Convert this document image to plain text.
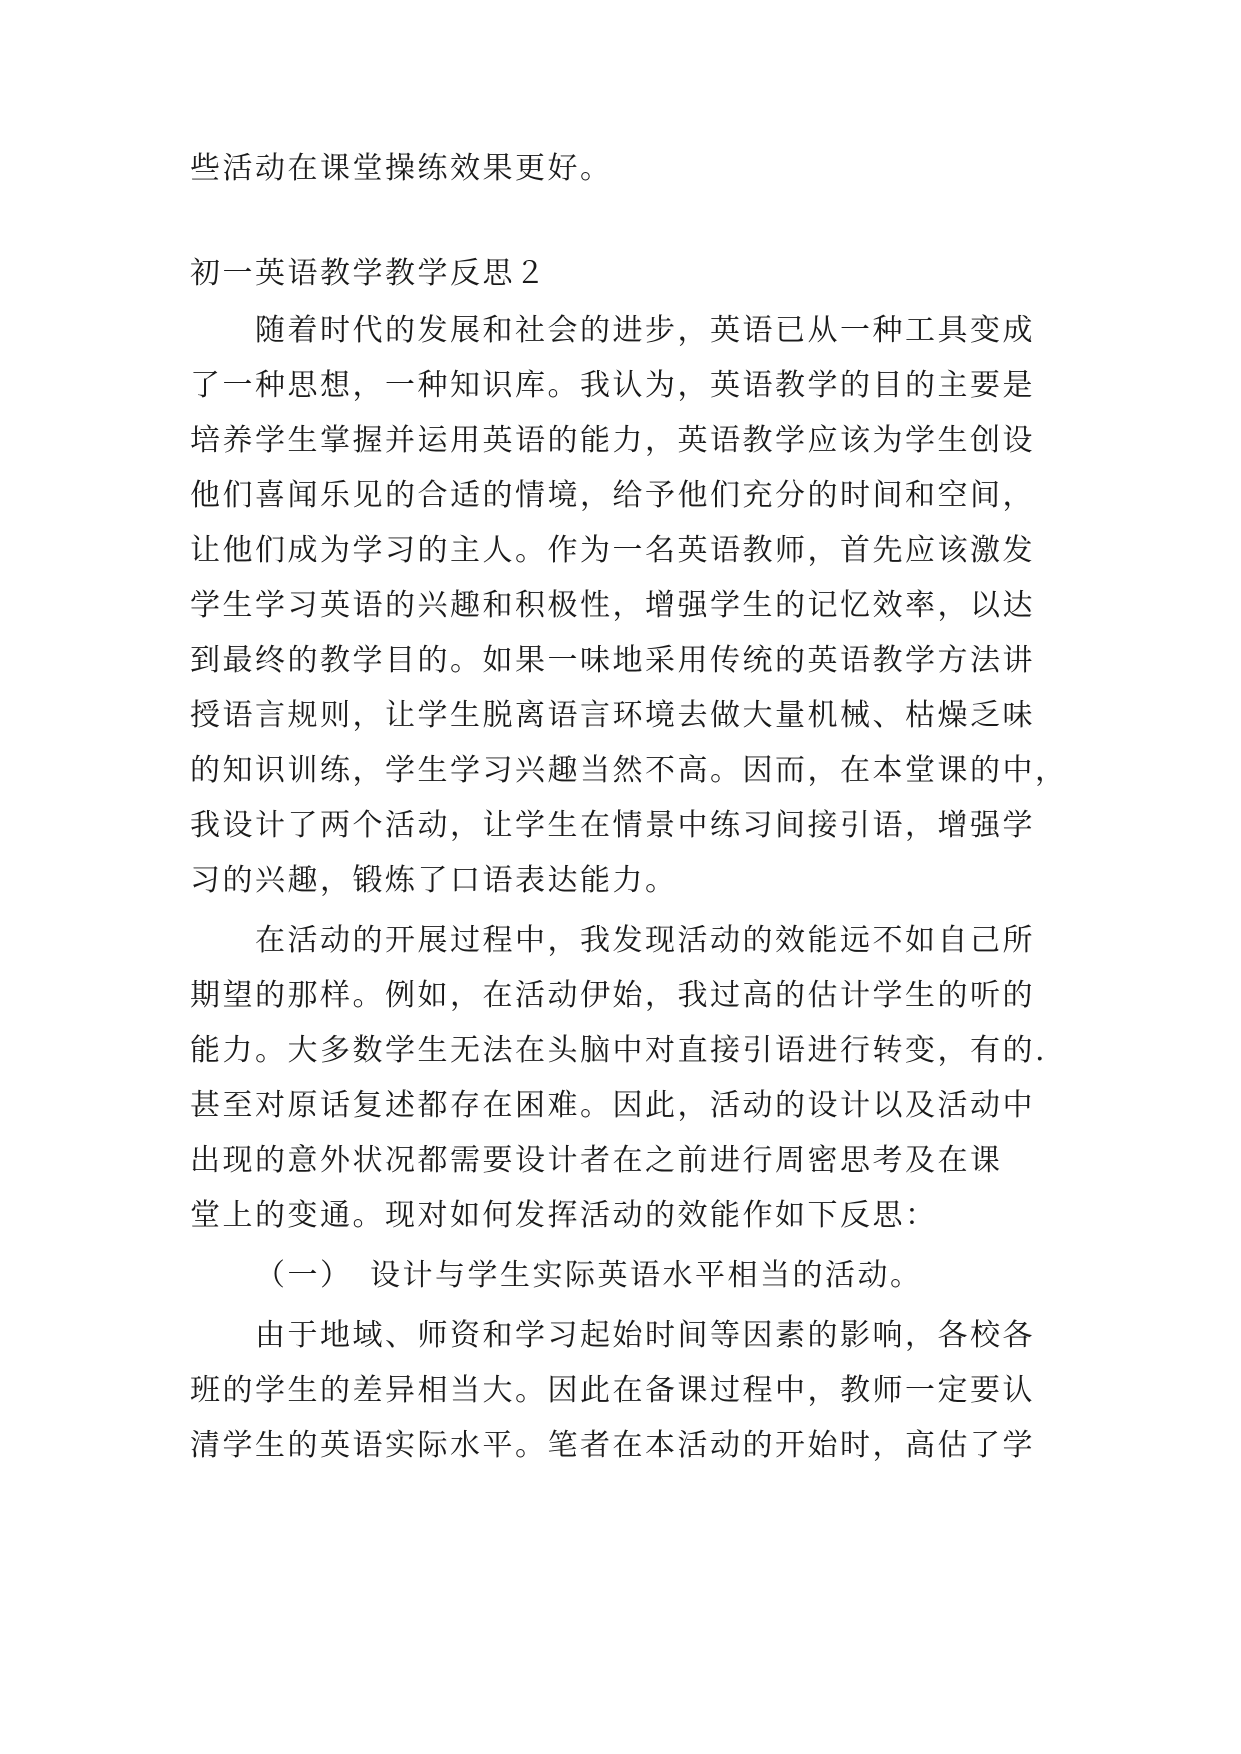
些活动在课堂操练效果更好。
初一英语教学教学反思２
随着时代的发展和社会的进步，英语已从一种工具变成
了一种思想，一种知识库。我认为，英语教学的目的主要是
培养学生掌握并运用英语的能力，英语教学应该为学生创设
他们喜闻乐见的合适的情境，给予他们充分的时间和空间，
让他们成为学习的主人。作为一名英语教师，首先应该激发
学生学习英语的兴趣和积极性，增强学生的记忆效率，以达
到最终的教学目的。如果一味地采用传统的英语教学方法讲
授语言规则，让学生脱离语言环境去做大量机械、枯燥乏味
的知识训练，学生学习兴趣当然不高。因而，在本堂课的中，
我设计了两个活动，让学生在情景中练习间接引语，增强学
习的兴趣，锻炼了口语表达能力。
在活动的开展过程中，我发现活动的效能远不如自己所
期望的那样。例如，在活动伊始，我过高的估计学生的听的
能力。大多数学生无法在头脑中对直接引语进行转变，有的.
甚至对原话复述都存在困难。因此，活动的设计以及活动中
出现的意外状况都需要设计者在之前进行周密思考及在课
堂上的变通。现对如何发挥活动的效能作如下反思：
（一）　设计与学生实际英语水平相当的活动。
由于地域、师资和学习起始时间等因素的影响，各校各
班的学生的差异相当大。因此在备课过程中，教师一定要认
清学生的英语实际水平。笔者在本活动的开始时，高估了学
